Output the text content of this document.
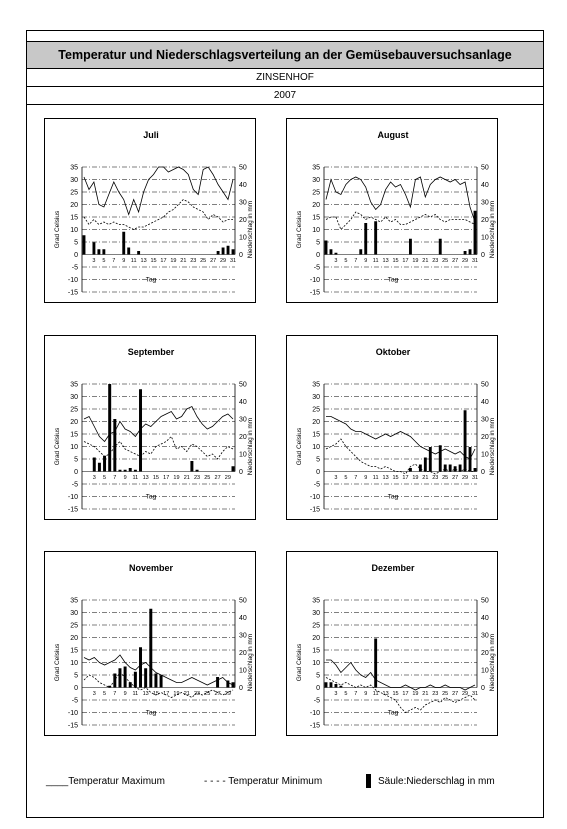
Temperatur und Niederschlagsverteilung an der Gemüsebauversuchsanlage
ZINSENHOF
2007
Juli
-15
-10
-5
0
5
10
15
20
25
30
35
0
10
20
30
40
50
Grad Celsius	Niederschlag in mm
Tag
3 5 7 9 11 13 15 17 19 21 23 25 27 29 31
August
-15
-10
-5
0
5
10
15
20
25
30
35
0
10
20
30
40
50
Grad Celsius	Niederschlag in mm
Tag
3 5 7 9 11 13 15 17 19 21 23 25 27 29 31
September
-15
-10
-5
0
5
10
15
20
25
30
35
0
10
20
30
40
50
Grad Celsius	Niederschlag in mm
Tag
3 5 7 9 11 13 15 17 19 21 23 25 27 29
Oktober
-15
-10
-5
0
5
10
15
20
25
30
35
0
10
20
30
40
50
Grad Celsius	Niederschlag in mm
Tag
3 5 7 9 11 13 15 17 19 21 23 25 27 29 31
November
-15
-10
-5
0
5
10
15
20
25
30
35
0
10
20
30
40
50
Grad Celsius	Niederschlag in mm
Tag
3 5 7 9 11 13 15 17 19 21 23 25 27 29
Dezember
-15
-10
-5
0
5
10
15
20
25
30
35
0
10
20
30
40
50
Grad Celsius	Niederschlag in mm
Tag
3 5 7 9 11 13 15 17 19 21 23 25 27 29 31
____Temperatur Maximum	- - - - Temperatur Minimum	Säule:Niederschlag in mm
